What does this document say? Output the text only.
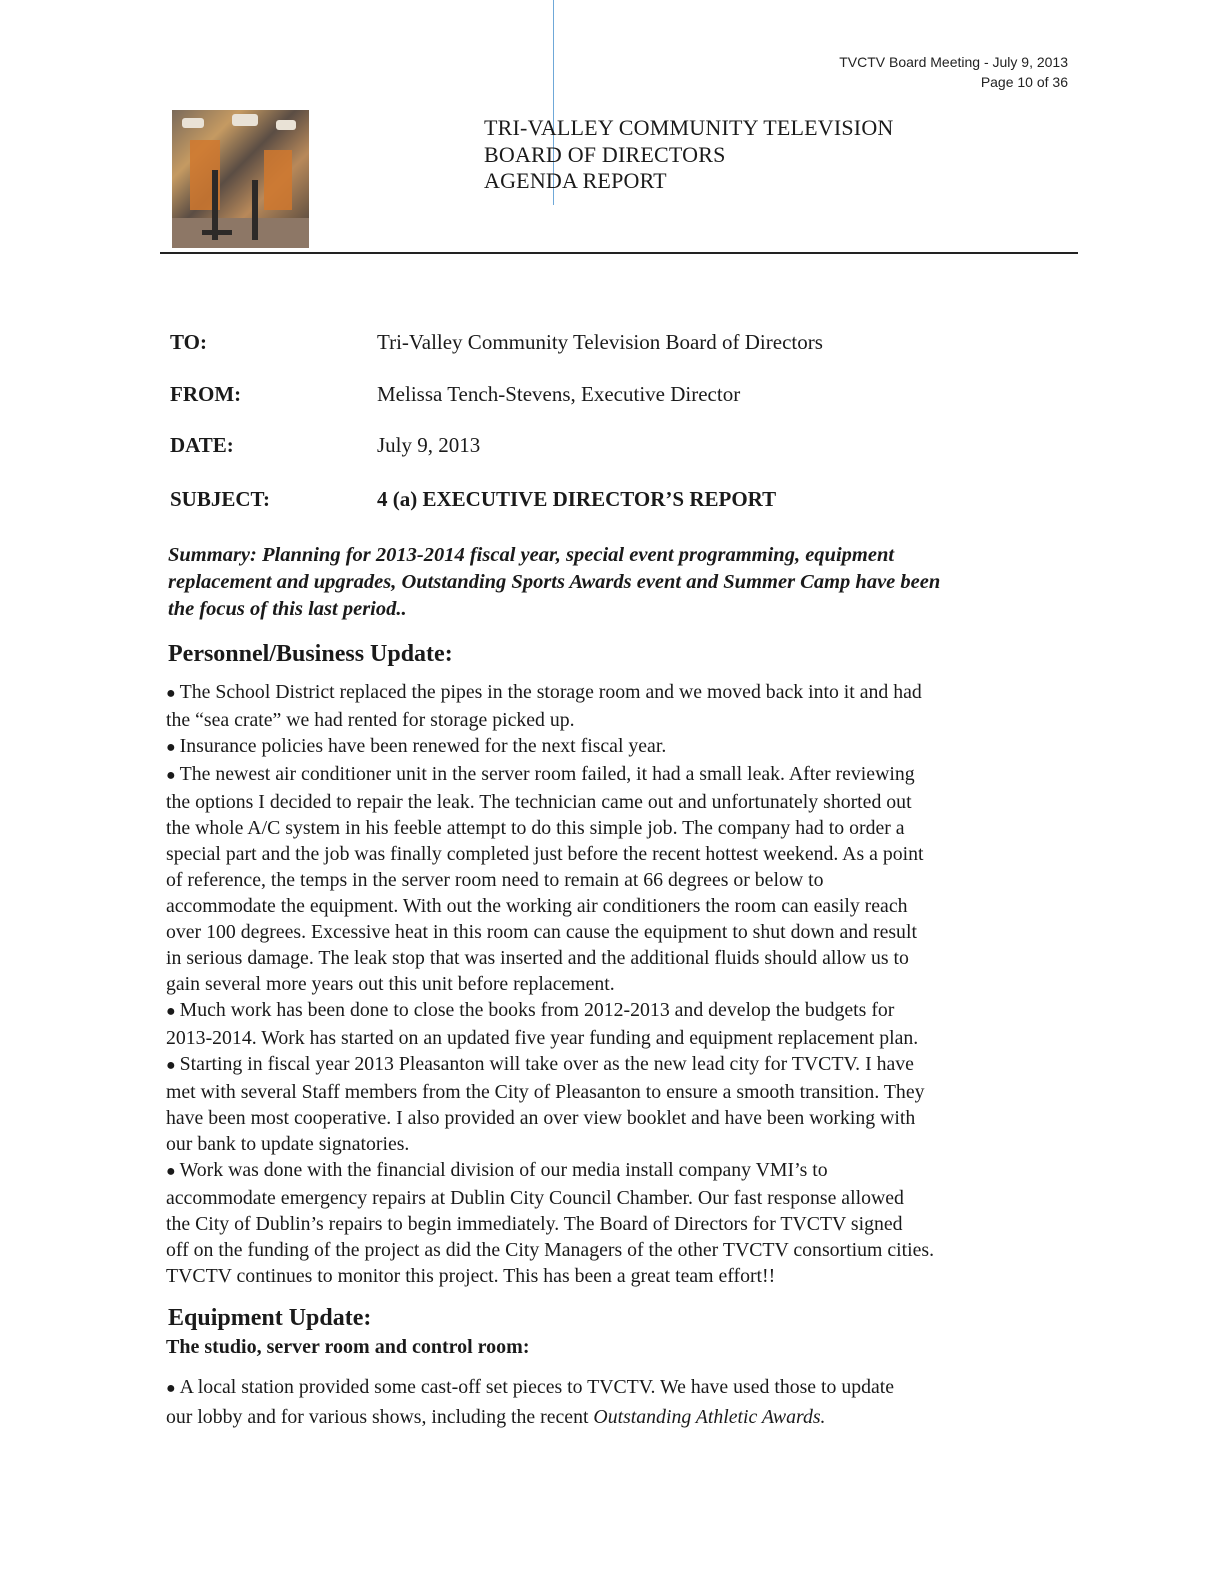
TVCTV Board Meeting - July 9, 2013
Page 10 of 36
TRI-VALLEY COMMUNITY TELEVISION
BOARD OF DIRECTORS
AGENDA REPORT
TO:	Tri-Valley Community Television Board of Directors
FROM:	Melissa Tench-Stevens, Executive Director
DATE:	July 9, 2013
SUBJECT:	4 (a) EXECUTIVE DIRECTOR’S REPORT
Summary: Planning for 2013-2014 fiscal year, special event programming, equipment
replacement and upgrades, Outstanding Sports Awards event and Summer Camp have been
the focus of this last period..
Personnel/Business Update:
● The School District replaced the pipes in the storage room and we moved back into it and had
the “sea crate” we had rented for storage picked up.
● Insurance policies have been renewed for the next fiscal year.
● The newest air conditioner unit in the server room failed, it had a small leak. After reviewing
the options I decided to repair the leak. The technician came out and unfortunately shorted out
the whole A/C system in his feeble attempt to do this simple job. The company had to order a
special part and the job was finally completed just before the recent hottest weekend. As a point
of reference, the temps in the server room need to remain at 66 degrees or below to
accommodate the equipment. With out the working air conditioners the room can easily reach
over 100 degrees. Excessive heat in this room can cause the equipment to shut down and result
in serious damage. The leak stop that was inserted and the additional fluids should allow us to
gain several more years out this unit before replacement.
● Much work has been done to close the books from 2012-2013 and develop the budgets for
2013-2014. Work has started on an updated five year funding and equipment replacement plan.
● Starting in fiscal year 2013 Pleasanton will take over as the new lead city for TVCTV. I have
met with several Staff members from the City of Pleasanton to ensure a smooth transition. They
have been most cooperative. I also provided an over view booklet and have been working with
our bank to update signatories.
● Work was done with the financial division of our media install company VMI’s to
accommodate emergency repairs at Dublin City Council Chamber. Our fast response allowed
the City of Dublin’s repairs to begin immediately. The Board of Directors for TVCTV signed
off on the funding of the project as did the City Managers of the other TVCTV consortium cities.
TVCTV continues to monitor this project. This has been a great team effort!!
Equipment Update:
The studio, server room and control room:
● A local station provided some cast-off set pieces to TVCTV. We have used those to update
our lobby and for various shows, including the recent Outstanding Athletic Awards.
